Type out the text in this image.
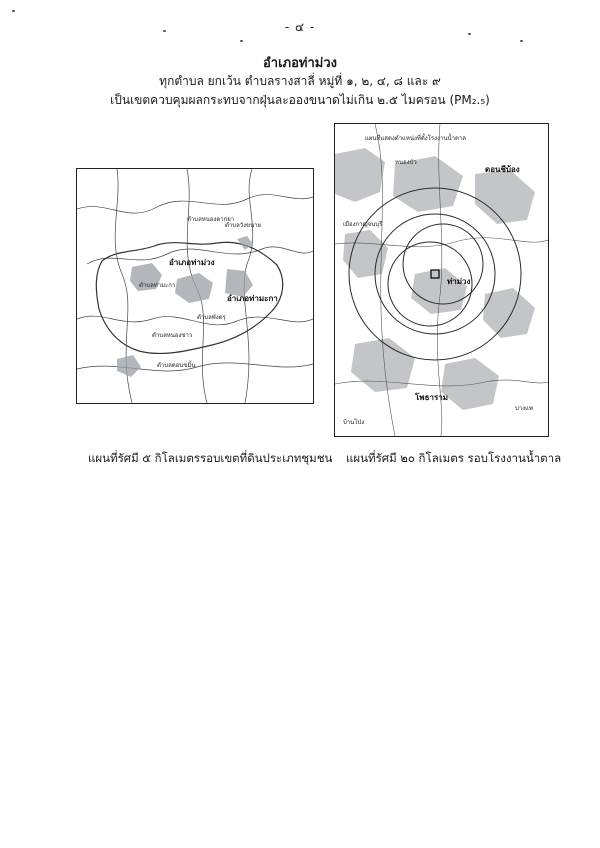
- ๔ -
อำเภอท่าม่วง
ทุกตำบล ยกเว้น ตำบลรางสาลี่ หมู่ที่ ๑, ๒, ๔, ๘ และ ๙
เป็นเขตควบคุมผลกระทบจากฝุ่นละอองขนาดไม่เกิน ๒.๕ ไมครอน (PM₂.₅)
อำเภอท่าม่วง
อำเภอท่ามะกา
ตำบลหนองตากยา
ตำบลวังขนาย
ตำบลท่ามะกา
ตำบลพังตรุ
ตำบลหนองขาว
ตำบลดอนขมิ้น
แผนที่แสดงตำแหน่งที่ตั้งโรงงานน้ำตาล
ท่าม่วง
ดอนชีบ้อง
เมืองกาญจนบุรี
โพธาราม
บ้านโป่ง
บางแพ
หนองบัว
แผนที่รัศมี ๕ กิโลเมตรรอบเขตที่ดินประเภทชุมชน แผนที่รัศมี ๒๐ กิโลเมตร รอบโรงงานน้ำตาล
